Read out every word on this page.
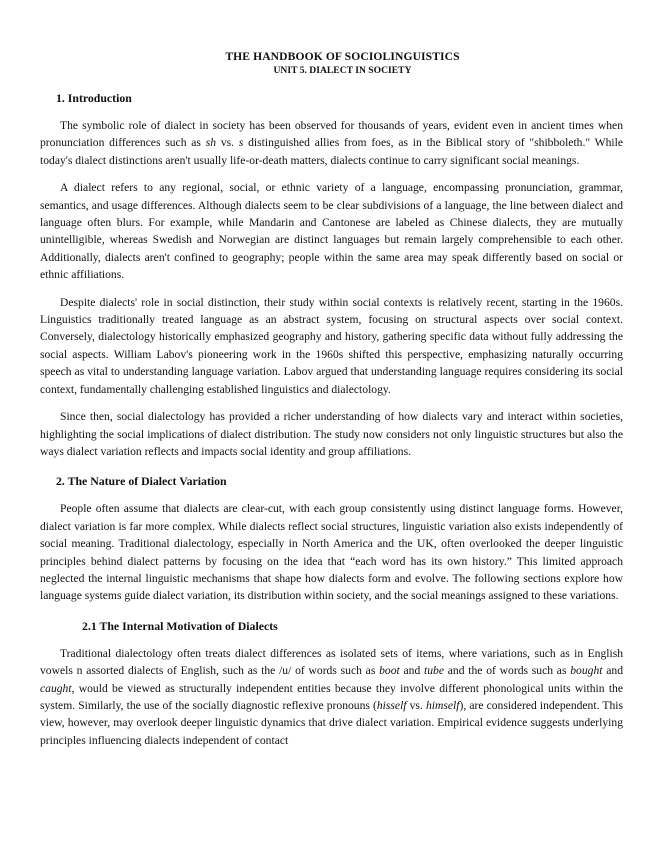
THE HANDBOOK OF SOCIOLINGUISTICS
UNIT 5. DIALECT IN SOCIETY
1. Introduction

The symbolic role of dialect in society has been observed for thousands of years, evident even in ancient times when pronunciation differences such as sh vs. s distinguished allies from foes, as in the Biblical story of "shibboleth." While today's dialect distinctions aren't usually life-or-death matters, dialects continue to carry significant social meanings.

A dialect refers to any regional, social, or ethnic variety of a language, encompassing pronunciation, grammar, semantics, and usage differences. Although dialects seem to be clear subdivisions of a language, the line between dialect and language often blurs. For example, while Mandarin and Cantonese are labeled as Chinese dialects, they are mutually unintelligible, whereas Swedish and Norwegian are distinct languages but remain largely comprehensible to each other. Additionally, dialects aren't confined to geography; people within the same area may speak differently based on social or ethnic affiliations.

Despite dialects' role in social distinction, their study within social contexts is relatively recent, starting in the 1960s. Linguistics traditionally treated language as an abstract system, focusing on structural aspects over social context. Conversely, dialectology historically emphasized geography and history, gathering specific data without fully addressing the social aspects. William Labov's pioneering work in the 1960s shifted this perspective, emphasizing naturally occurring speech as vital to understanding language variation. Labov argued that understanding language requires considering its social context, fundamentally challenging established linguistics and dialectology.

Since then, social dialectology has provided a richer understanding of how dialects vary and interact within societies, highlighting the social implications of dialect distribution. The study now considers not only linguistic structures but also the ways dialect variation reflects and impacts social identity and group affiliations.

2. The Nature of Dialect Variation

People often assume that dialects are clear-cut, with each group consistently using distinct language forms. However, dialect variation is far more complex. While dialects reflect social structures, linguistic variation also exists independently of social meaning. Traditional dialectology, especially in North America and the UK, often overlooked the deeper linguistic principles behind dialect patterns by focusing on the idea that “each word has its own history.” This limited approach neglected the internal linguistic mechanisms that shape how dialects form and evolve. The following sections explore how language systems guide dialect variation, its distribution within society, and the social meanings assigned to these variations.

2.1 The Internal Motivation of Dialects

Traditional dialectology often treats dialect differences as isolated sets of items, where variations, such as in English vowels n assorted dialects of English, such as the /u/ of words such as boot and tube and the of words such as bought and caught, would be viewed as structurally independent entities because they involve different phonological units within the system. Similarly, the use of the socially diagnostic reflexive pronouns (hisself vs. himself), are considered independent. This view, however, may overlook deeper linguistic dynamics that drive dialect variation. Empirical evidence suggests underlying principles influencing dialects independent of contact
